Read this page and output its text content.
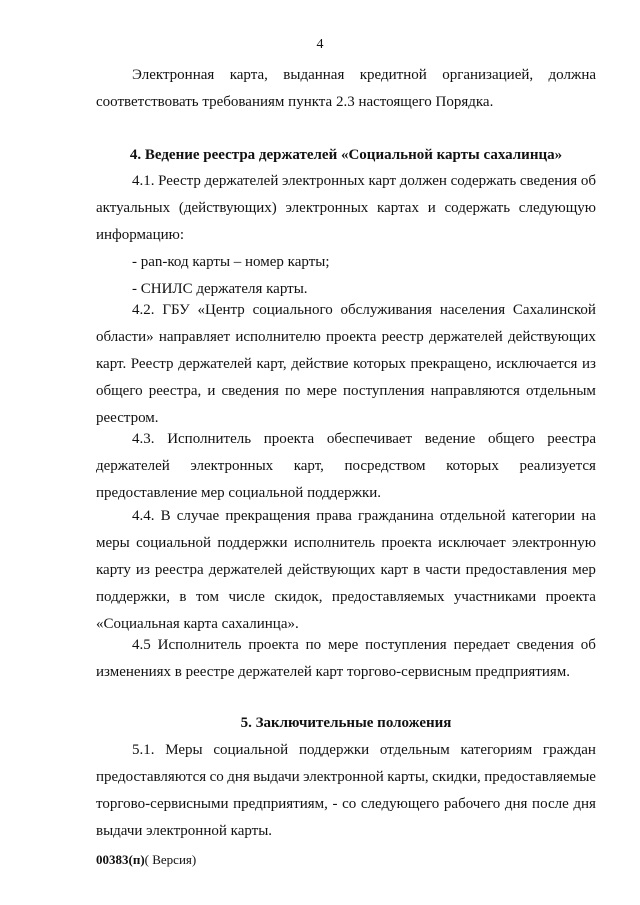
4
Электронная карта, выданная кредитной организацией, должна
соответствовать требованиям пункта 2.3 настоящего Порядка.
4. Ведение реестра держателей «Социальной карты сахалинца»
4.1. Реестр держателей электронных карт должен содержать сведения об
актуальных (действующих) электронных картах и содержать следующую
информацию:
- pan-код карты – номер карты;
- СНИЛС держателя карты.
4.2. ГБУ «Центр социального обслуживания населения Сахалинской
области» направляет исполнителю проекта реестр держателей действующих
карт. Реестр держателей карт, действие которых прекращено, исключается из
общего реестра, и сведения по мере поступления направляются отдельным
реестром.
4.3. Исполнитель проекта обеспечивает ведение общего реестра
держателей электронных карт, посредством которых реализуется
предоставление мер социальной поддержки.
4.4. В случае прекращения права гражданина отдельной категории на
меры социальной поддержки исполнитель проекта исключает электронную
карту из реестра держателей действующих карт в части предоставления мер
поддержки, в том числе скидок, предоставляемых участниками проекта
«Социальная карта сахалинца».
4.5 Исполнитель проекта по мере поступления передает сведения об
изменениях в реестре держателей карт торгово-сервисным предприятиям.
5. Заключительные положения
5.1. Меры социальной поддержки отдельным категориям граждан
предоставляются со дня выдачи электронной карты, скидки, предоставляемые
торгово-сервисными предприятиям, - со следующего рабочего дня после дня
выдачи электронной карты.
00383(п)( Версия)
